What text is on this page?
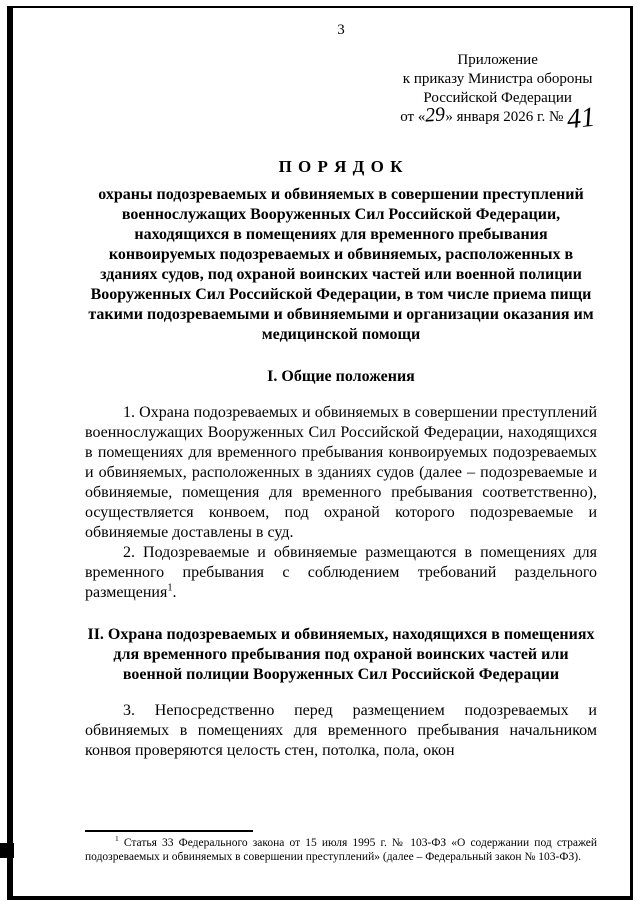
3
Приложение
к приказу Министра обороны
Российской Федерации
от «29» января 2026 г. № 41
П О Р Я Д О К
охраны подозреваемых и обвиняемых в совершении преступлений военнослужащих Вооруженных Сил Российской Федерации, находящихся в помещениях для временного пребывания конвоируемых подозреваемых и обвиняемых, расположенных в зданиях судов, под охраной воинских частей или военной полиции Вооруженных Сил Российской Федерации, в том числе приема пищи такими подозреваемыми и обвиняемыми и организации оказания им медицинской помощи
I. Общие положения

1. Охрана подозреваемых и обвиняемых в совершении преступлений военнослужащих Вооруженных Сил Российской Федерации, находящихся в помещениях для временного пребывания конвоируемых подозреваемых и обвиняемых, расположенных в зданиях судов (далее – подозреваемые и обвиняемые, помещения для временного пребывания соответственно), осуществляется конвоем, под охраной которого подозреваемые и обвиняемые доставлены в суд.

2. Подозреваемые и обвиняемые размещаются в помещениях для временного пребывания с соблюдением требований раздельного размещения$^1$.

II. Охрана подозреваемых и обвиняемых, находящихся в помещениях для временного пребывания под охраной воинских частей или военной полиции Вооруженных Сил Российской Федерации

3. Непосредственно перед размещением подозреваемых и обвиняемых в помещениях для временного пребывания начальником конвоя проверяются целость стен, потолка, пола, окон

$^1$ Статья 33 Федерального закона от 15 июля 1995 г. № 103-ФЗ «О содержании под стражей подозреваемых и обвиняемых в совершении преступлений» (далее – Федеральный закон № 103-ФЗ).
